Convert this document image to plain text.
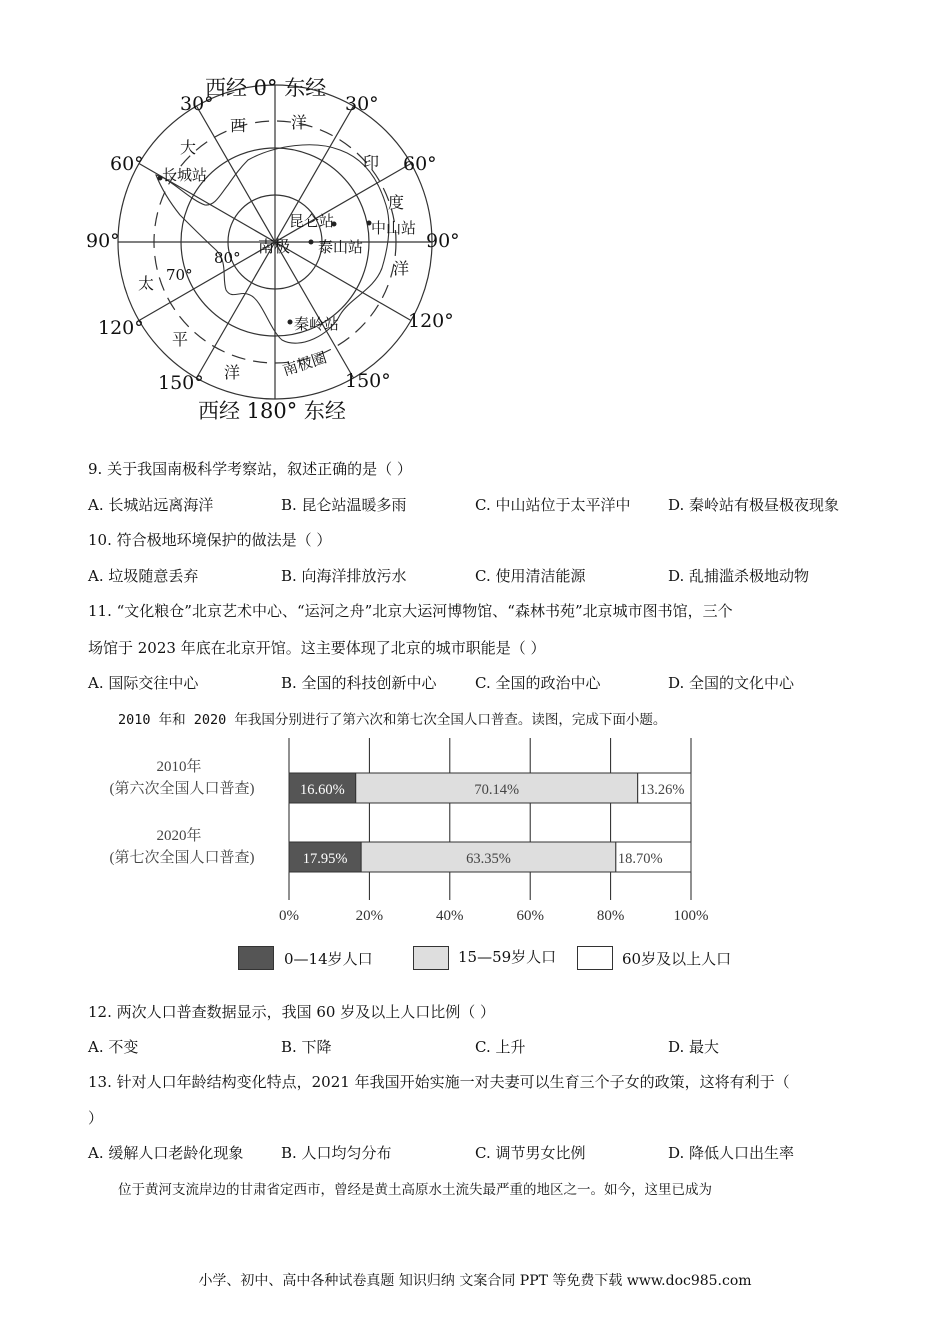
西经 0° 东经
西经 180° 东经
30°	30°
60°	60°
90°	90°
120°	120°
150°	150°
70°
80°
南极
南极圈
长城站
昆仑站 中山站
泰山站
秦岭站
大
西	洋
印
度
洋
太
平
洋
9. 关于我国南极科学考察站，叙述正确的是（ ）
A. 长城站远离海洋	B. 昆仑站温暖多雨	C. 中山站位于太平洋中	D. 秦岭站有极昼极夜现象
10. 符合极地环境保护的做法是（ ）
A. 垃圾随意丢弃	B. 向海洋排放污水	C. 使用清洁能源	D. 乱捕滥杀极地动物
11. “文化粮仓”北京艺术中心、“运河之舟”北京大运河博物馆、“森林书苑”北京城市图书馆，三个
场馆于 2023 年底在北京开馆。这主要体现了北京的城市职能是（ ）
A. 国际交往中心	B. 全国的科技创新中心	C. 全国的政治中心	D. 全国的文化中心
2010 年和 2020 年我国分别进行了第六次和第七次全国人口普查。读图，完成下面小题。
0%	20%	40%	60%	80%	100%
2010年
(第六次全国人口普查)	16.60%	70.14%	13.26%
2020年
(第七次全国人口普查)	17.95%	63.35%	18.70%
0—14岁人口	15—59岁人口	60岁及以上人口
12. 两次人口普查数据显示，我国 60 岁及以上人口比例（ ）
A. 不变	B. 下降	C. 上升	D. 最大
13. 针对人口年龄结构变化特点，2021 年我国开始实施一对夫妻可以生育三个子女的政策，这将有利于（
）
A. 缓解人口老龄化现象	B. 人口均匀分布	C. 调节男女比例	D. 降低人口出生率
位于黄河支流岸边的甘肃省定西市，曾经是黄土高原水土流失最严重的地区之一。如今，这里已成为
小学、初中、高中各种试卷真题 知识归纳 文案合同 PPT 等免费下载 www.doc985.com
